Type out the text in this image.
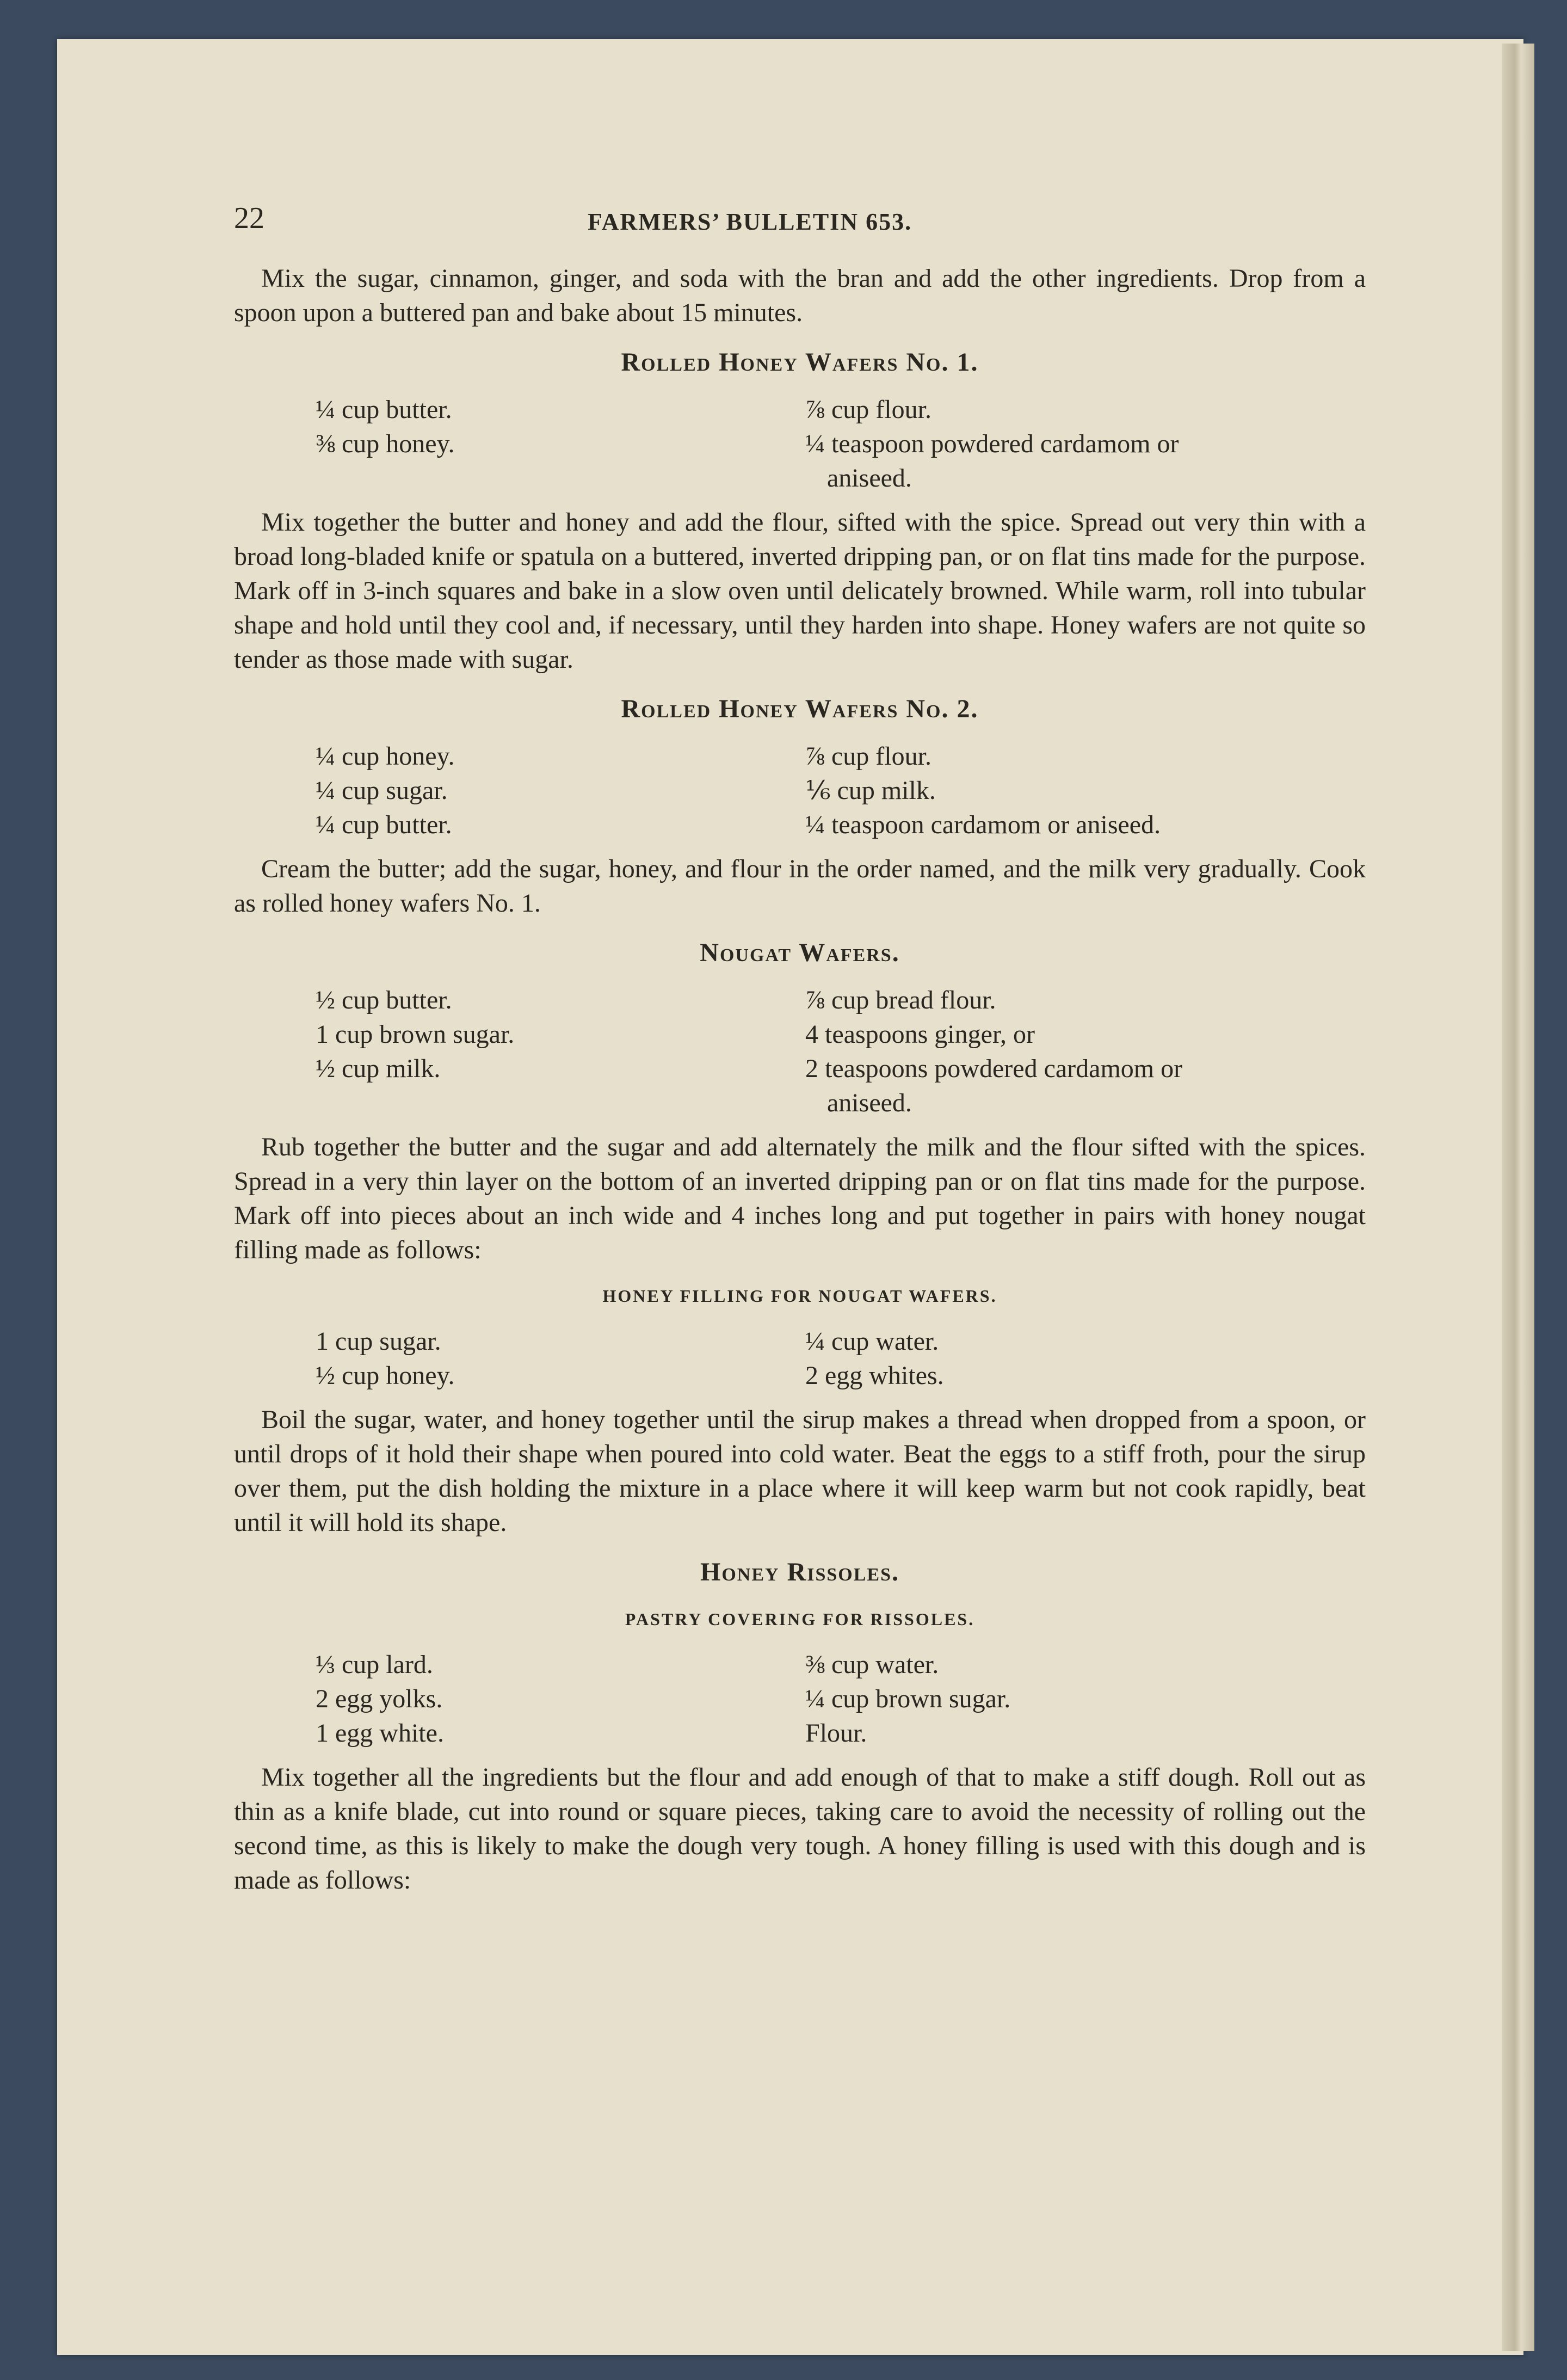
22	FARMERS’ BULLETIN 653.

Mix the sugar, cinnamon, ginger, and soda with the bran and add the other ingredients. Drop from a spoon upon a buttered pan and bake about 15 minutes.

Rolled Honey Wafers No. 1.
¼ cup butter.
⅜ cup honey.
⅞ cup flour.
¼ teaspoon powdered cardamom or
aniseed.

Mix together the butter and honey and add the flour, sifted with the spice. Spread out very thin with a broad long-bladed knife or spatula on a buttered, inverted dripping pan, or on flat tins made for the purpose. Mark off in 3-inch squares and bake in a slow oven until delicately browned. While warm, roll into tubular shape and hold until they cool and, if necessary, until they harden into shape. Honey wafers are not quite so tender as those made with sugar.

Rolled Honey Wafers No. 2.
¼ cup honey.
¼ cup sugar.
¼ cup butter.
⅞ cup flour.
⅙ cup milk.
¼ teaspoon cardamom or aniseed.

Cream the butter; add the sugar, honey, and flour in the order named, and the milk very gradually. Cook as rolled honey wafers No. 1.

Nougat Wafers.
½ cup butter.
1 cup brown sugar.
½ cup milk.
⅞ cup bread flour.
4 teaspoons ginger, or
2 teaspoons powdered cardamom or
aniseed.

Rub together the butter and the sugar and add alternately the milk and the flour sifted with the spices. Spread in a very thin layer on the bottom of an inverted dripping pan or on flat tins made for the purpose. Mark off into pieces about an inch wide and 4 inches long and put together in pairs with honey nougat filling made as follows:

HONEY FILLING FOR NOUGAT WAFERS.
1 cup sugar.
½ cup honey.
¼ cup water.
2 egg whites.

Boil the sugar, water, and honey together until the sirup makes a thread when dropped from a spoon, or until drops of it hold their shape when poured into cold water. Beat the eggs to a stiff froth, pour the sirup over them, put the dish holding the mixture in a place where it will keep warm but not cook rapidly, beat until it will hold its shape.

Honey Rissoles.
PASTRY COVERING FOR RISSOLES.
⅓ cup lard.
2 egg yolks.
1 egg white.
⅜ cup water.
¼ cup brown sugar.
Flour.

Mix together all the ingredients but the flour and add enough of that to make a stiff dough. Roll out as thin as a knife blade, cut into round or square pieces, taking care to avoid the necessity of rolling out the second time, as this is likely to make the dough very tough. A honey filling is used with this dough and is made as follows:
